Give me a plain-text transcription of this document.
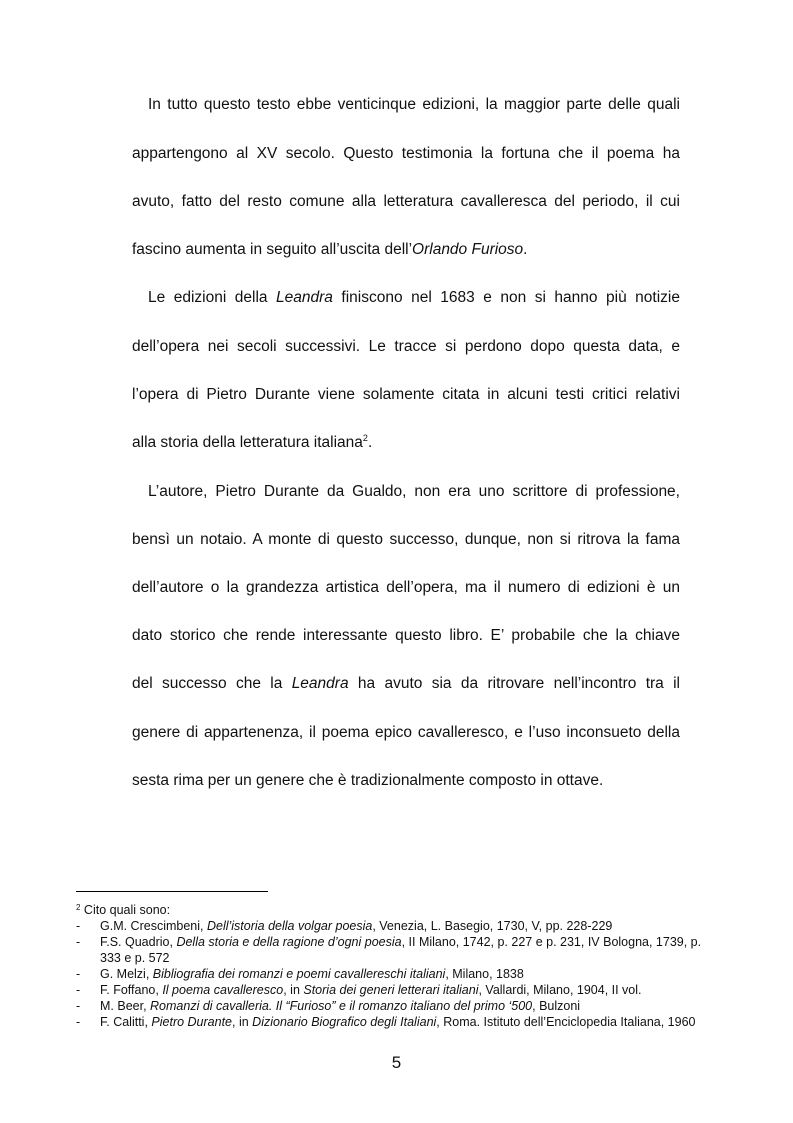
In tutto questo testo ebbe venticinque edizioni, la maggior parte delle quali
appartengono al XV secolo. Questo testimonia la fortuna che il poema ha
avuto, fatto del resto comune alla letteratura cavalleresca del periodo, il cui
fascino aumenta in seguito all’uscita dell’Orlando Furioso.
Le edizioni della Leandra finiscono nel 1683 e non si hanno più notizie
dell’opera nei secoli successivi. Le tracce si perdono dopo questa data, e
l’opera di Pietro Durante viene solamente citata in alcuni testi critici relativi
alla storia della letteratura italiana$^2$.
L’autore, Pietro Durante da Gualdo, non era uno scrittore di professione,
bensì un notaio. A monte di questo successo, dunque, non si ritrova la fama
dell’autore o la grandezza artistica dell’opera, ma il numero di edizioni è un
dato storico che rende interessante questo libro. E’ probabile che la chiave
del successo che la Leandra ha avuto sia da ritrovare nell’incontro tra il
genere di appartenenza, il poema epico cavalleresco, e l’uso inconsueto della
sesta rima per un genere che è tradizionalmente composto in ottave.
$^2$ Cito quali sono:
- G.M. Crescimbeni, Dell’istoria della volgar poesia, Venezia, L. Basegio, 1730, V, pp. 228-229
- F.S. Quadrio, Della storia e della ragione d’ogni poesia, II Milano, 1742, p. 227 e p. 231, IV Bologna, 1739, p. 333 e p. 572
- G. Melzi, Bibliografia dei romanzi e poemi cavallereschi italiani, Milano, 1838
- F. Foffano, Il poema cavalleresco, in Storia dei generi letterari italiani, Vallardi, Milano, 1904, II vol.
- M. Beer, Romanzi di cavalleria. Il “Furioso” e il romanzo italiano del primo ‘500, Bulzoni
- F. Calitti, Pietro Durante, in Dizionario Biografico degli Italiani, Roma. Istituto dell’Enciclopedia Italiana, 1960
5
